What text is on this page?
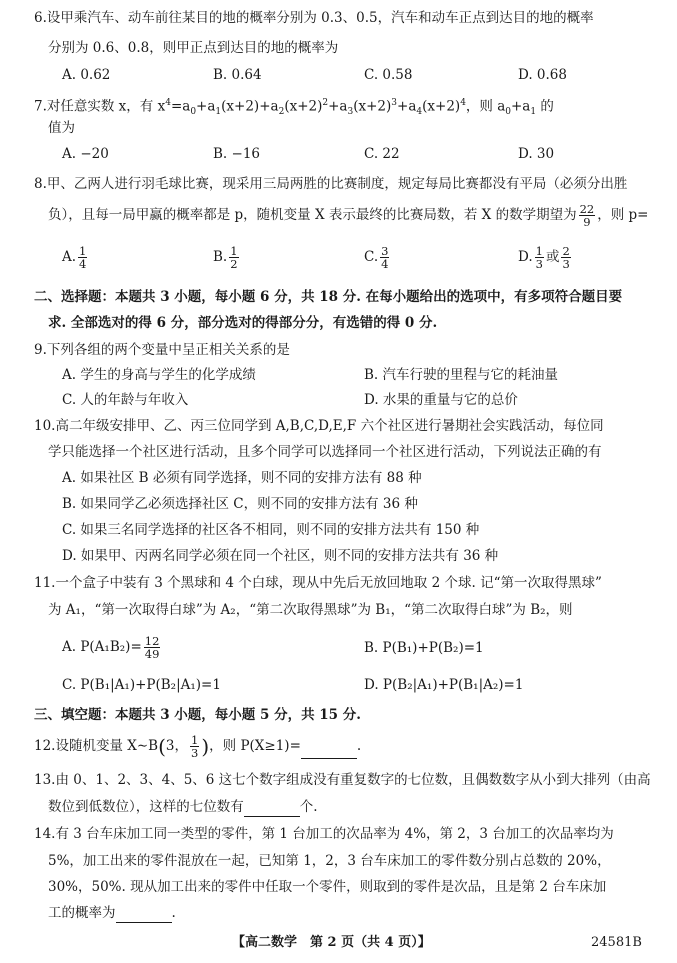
6.设甲乘汽车、动车前往某目的地的概率分别为 0.3、0.5，汽车和动车正点到达目的地的概率
分别为 0.6、0.8，则甲正点到达目的地的概率为
A. 0.62	B. 0.64	C. 0.58	D. 0.68
7.对任意实数 x，有 $x^4=a_0+a_1(x+2)+a_2(x+2)^2+a_3(x+2)^3+a_4(x+2)^4$，则 $a_0+a_1$ 的
值为
A. −20	B. −16	C. 22	D. 30
8.甲、乙两人进行羽毛球比赛，现采用三局两胜的比赛制度，规定每局比赛都没有平局（必须分出胜
负），且每一局甲赢的概率都是 p，随机变量 X 表示最终的比赛局数，若 X 的数学期望为 $\frac{22}{9}$ ，则 p=
A. $\frac{1}{4}$	B. $\frac{1}{2}$	C. $\frac{3}{4}$	D. $\frac{1}{3}$ 或 $\frac{2}{3}$
二、选择题：本题共 3 小题，每小题 6 分，共 18 分. 在每小题给出的选项中，有多项符合题目要
求. 全部选对的得 6 分，部分选对的得部分分，有选错的得 0 分.
9.下列各组的两个变量中呈正相关关系的是
A. 学生的身高与学生的化学成绩	B. 汽车行驶的里程与它的耗油量
C. 人的年龄与年收入	D. 水果的重量与它的总价
10.高二年级安排甲、乙、丙三位同学到 A,B,C,D,E,F 六个社区进行暑期社会实践活动，每位同
学只能选择一个社区进行活动，且多个同学可以选择同一个社区进行活动，下列说法正确的有
A. 如果社区 B 必须有同学选择，则不同的安排方法有 88 种
B. 如果同学乙必须选择社区 C，则不同的安排方法有 36 种
C. 如果三名同学选择的社区各不相同，则不同的安排方法共有 150 种
D. 如果甲、丙两名同学必须在同一个社区，则不同的安排方法共有 36 种
11.一个盒子中装有 3 个黑球和 4 个白球，现从中先后无放回地取 2 个球. 记“第一次取得黑球”
为 A₁，“第一次取得白球”为 A₂，“第二次取得黑球”为 B₁，“第二次取得白球”为 B₂，则
A. $P(A_1B_2)= \frac{12}{49}$	B. P(B₁)+P(B₂)=1
C. P(B₁|A₁)+P(B₂|A₁)=1	D. P(B₂|A₁)+P(B₁|A₂)=1
三、填空题：本题共 3 小题，每小题 5 分，共 15 分.
12.设随机变量 X∼B(3， $\frac{1}{3}$ )，则 P(X≥1)=	.
13.由 0、1、2、3、4、5、6 这七个数字组成没有重复数字的七位数，且偶数数字从小到大排列（由高
数位到低数位），这样的七位数有	个.
14.有 3 台车床加工同一类型的零件，第 1 台加工的次品率为 4%，第 2，3 台加工的次品率均为
5%，加工出来的零件混放在一起，已知第 1，2，3 台车床加工的零件数分别占总数的 20%，
30%，50%. 现从加工出来的零件中任取一个零件，则取到的零件是次品，且是第 2 台车床加
工的概率为	.
【高二数学　第 2 页（共 4 页）】	24581B
